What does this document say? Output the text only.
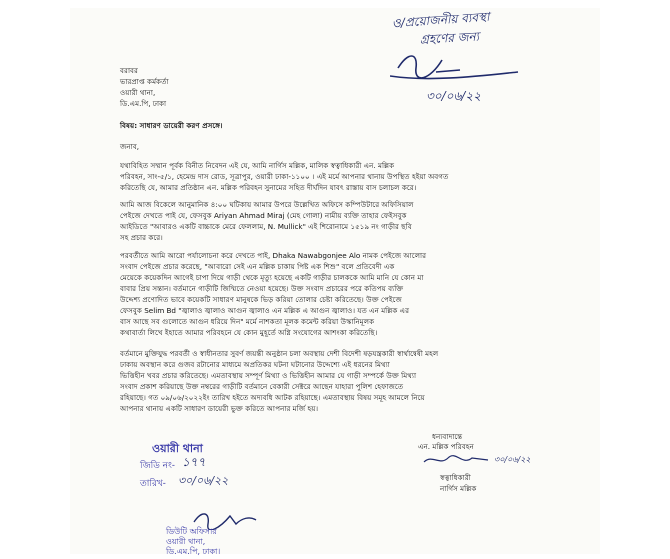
ও/প্রয়োজনীয় ব্যবস্থা
গ্রহণের জন্য
৩০/০৬/২২
বরাবর
ভারপ্রাপ্ত কর্মকর্তা
ওয়ারী থানা,
ডি.এম.পি, ঢাকা
বিষয়: সাধারণ ডায়েরী করণ প্রসঙ্গে।
জনাব,
যথাবিহিত সম্মান পূর্বক বিনীত নিবেদন এই যে, আমি নার্গিস মল্লিক, মালিক স্বত্বাধিকারী এন. মল্লিক
পরিবহন, সাং-৫/১, হেমেন্দ্র দাস রোড, সূত্রাপুর, ওয়ারী ঢাকা-১১০০ । এই মর্মে আপনার থানায় উপস্থিত হইয়া অবগত
করিতেছি যে, আমার প্রতিষ্ঠান এন. মল্লিক পরিবহন সুনামের সহিত দীর্ঘদিন যাবৎ রাস্তায় বাস চলাচল করে।
আমি আজ বিকেলে আনুমানিক ৪:০০ ঘটিকায় আমার উপরে উল্লেখিত অফিসে কম্পিউটারে অফিসিয়াল
পেইজে দেখতে পাই যে, ফেসবুক Ariyan Ahmad Miraj (মেহ গোলা) নামীয় ব্যক্তি তাহার ফেইসবুক
আইডিতে "আবারও একটি বাচ্চাকে মেরে ফেললাম, N. Mullick" এই শিরোনামে ১৫১৯ নং গাড়ীর ছবি
সহ প্রচার করে।
পরবর্তীতে আমি আরো পর্যালোচনা করে দেখতে পাই, Dhaka Nawabgonjee Alo নামক পেইজে আলোর
সংবাদ পেইজে প্রচার করেছে, "আবারো সেই এন মল্লিক চাকায় পিষ্ট এক শিশু" বলে প্রতিবেদী এক
মেয়েকে কয়েকদিন আগেই চাপা দিয়ে গাড়ী থেকে মৃত্যু হয়েছে একটি গাড়ীর চালককে আমি মানি যে কোন মা
বাবার প্রিয় সন্তান। বর্তমানে গাড়ীটি জিম্মিতে নেওয়া হয়েছে। উক্ত সংবাদ প্রচারের পরে কতিপয় ব্যক্তি
উদ্দেশ্য প্রণোদিত ভাবে কয়েকটি সাধারণ মানুষকে ভিড় করিয়া তোলার চেষ্টা করিতেছে। উক্ত পেইজে
ফেসবুক Selim Bd "জ্বালাও জ্বালাও আগুন জ্বালাও এন মল্লিক এ আগুন জ্বালাও। যত এন মল্লিক এর
বাস আছে সব গুলোতে আগুন ধরিয়ে দিন" মর্মে নাশকতা মূলক কমেন্ট করিয়া উস্কানিমূলক
কথাবার্তা লিখে ইহাতে আমার পরিবহনে যে কোন মুহূর্তে অগ্নি সংযোগের আশংকা করিতেছি।
বর্তমানে মুক্তিযুদ্ধ পরবর্তী ও স্বাধীনতার সুবর্ণ জয়ন্তী অনুষ্ঠান চলা অবস্থায় দেশী বিদেশী ষড়যন্ত্রকারী স্বার্থান্বেষী মহল
ঢাকায় অবস্থান করে গুজব রটানোর মাধ্যমে অপ্রতিকর ঘটনা ঘটানোর উদ্দেশ্যে এই ধরনের মিথ্যা
ভিত্তিহীন খবর প্রচার করিতেছে। এমতাবস্থায় সম্পূর্ণ মিথ্যা ও ভিত্তিহীন আমার যে গাড়ী সম্পর্কে উক্ত মিথ্যা
সংবাদ প্রকাশ করিয়াছে উক্ত নম্বরের গাড়ীটি বর্তমানে বেকারী সেক্টরে আছেন যাহারা পুলিশ হেফাজতে
রহিয়াছে। গত ০৯/০৬/২০২২ইং তারিখ হইতে অদ্যবধি আটক রহিয়াছে। এমতাবস্থায় বিষয় সমূহ আমলে নিয়ে
আপনার থানায় একটি সাধারণ ডায়েরী ভুক্ত করিতে আপনার মর্জি হয়।
ওয়ারী থানা
জিডি নং- ১৭৭
তারিখ- ৩০/০৬/২২
ডিউটি অফিসার
ওয়ারী থানা,
ডি.এম.পি, ঢাকা।
ধন্যবাদান্তে
এন. মল্লিক পরিবহন
৩০/০৬/২২
স্বত্বাধিকারী
নার্গিস মল্লিক
